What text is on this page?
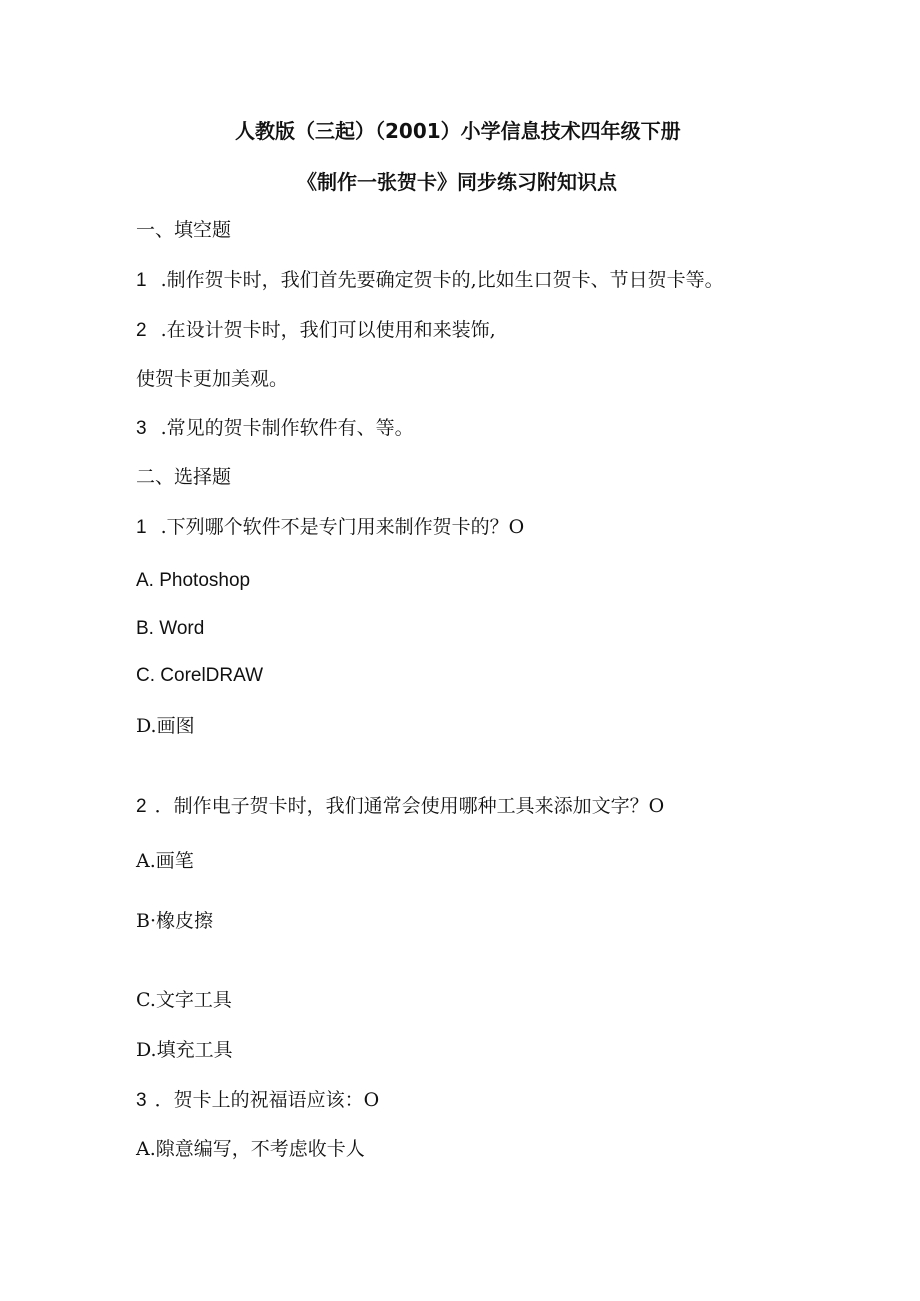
人教版（三起）（2001）小学信息技术四年级下册
《制作一张贺卡》同步练习附知识点
一、填空题
1 .制作贺卡时，我们首先要确定贺卡的,比如生口贺卡、节日贺卡等。
2 .在设计贺卡时，我们可以使用和来装饰,
使贺卡更加美观。
3 .常见的贺卡制作软件有、等。
二、选择题
1 .下列哪个软件不是专门用来制作贺卡的？O
A. Photoshop
B. Word
C. CorelDRAW
D.画图
2 ．制作电子贺卡时，我们通常会使用哪种工具来添加文字？O
A.画笔
B·橡皮擦
C.文字工具
D.填充工具
3 ．贺卡上的祝福语应该：O
A.隙意编写，不考虑收卡人
